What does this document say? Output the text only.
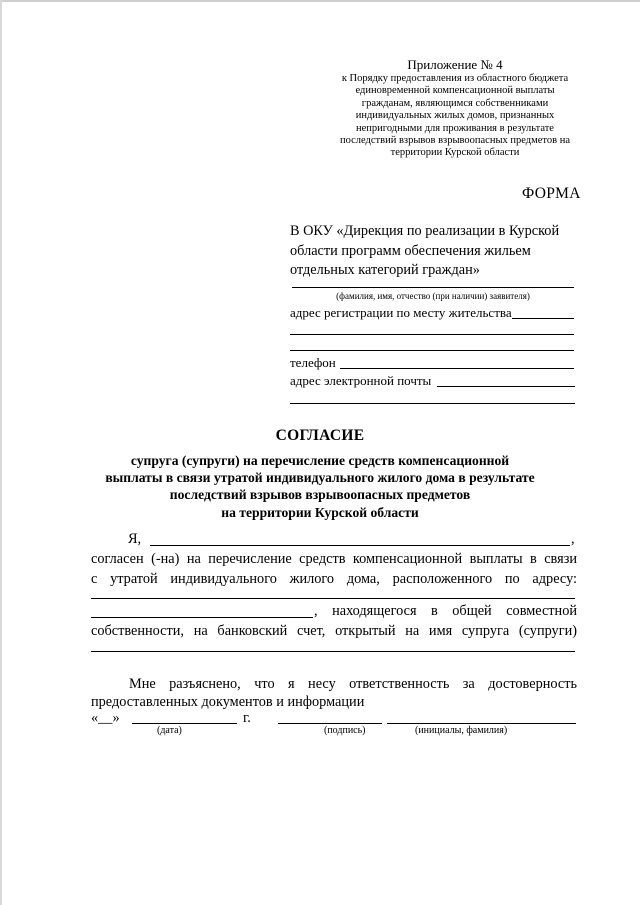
Приложение № 4
к Порядку предоставления из областного бюджета
единовременной компенсационной выплаты
гражданам, являющимся собственниками
индивидуальных жилых домов, признанных
непригодными для проживания в результате
последствий взрывов взрывоопасных предметов на
территории Курской области
ФОРМА
В ОКУ «Дирекция по реализации в Курской
области программ обеспечения жильем
отдельных категорий граждан»
(фамилия, имя, отчество (при наличии) заявителя)
адрес регистрации по месту жительства
телефон
адрес электронной почты
СОГЛАСИЕ
супруга (супруги) на перечисление средств компенсационной
выплаты в связи утратой индивидуального жилого дома в результате
последствий взрывов взрывоопасных предметов
на территории Курской области
Я,	,
согласен (-на) на перечисление средств компенсационной выплаты в связи
с утратой индивидуального жилого дома, расположенного по адресу:
, находящегося в общей совместной
собственности, на банковский счет, открытый на имя супруга (супруги)
Мне разъяснено, что я несу ответственность за достоверность
предоставленных документов и информации
«__»	г.
(дата)	(подпись)	(инициалы, фамилия)
